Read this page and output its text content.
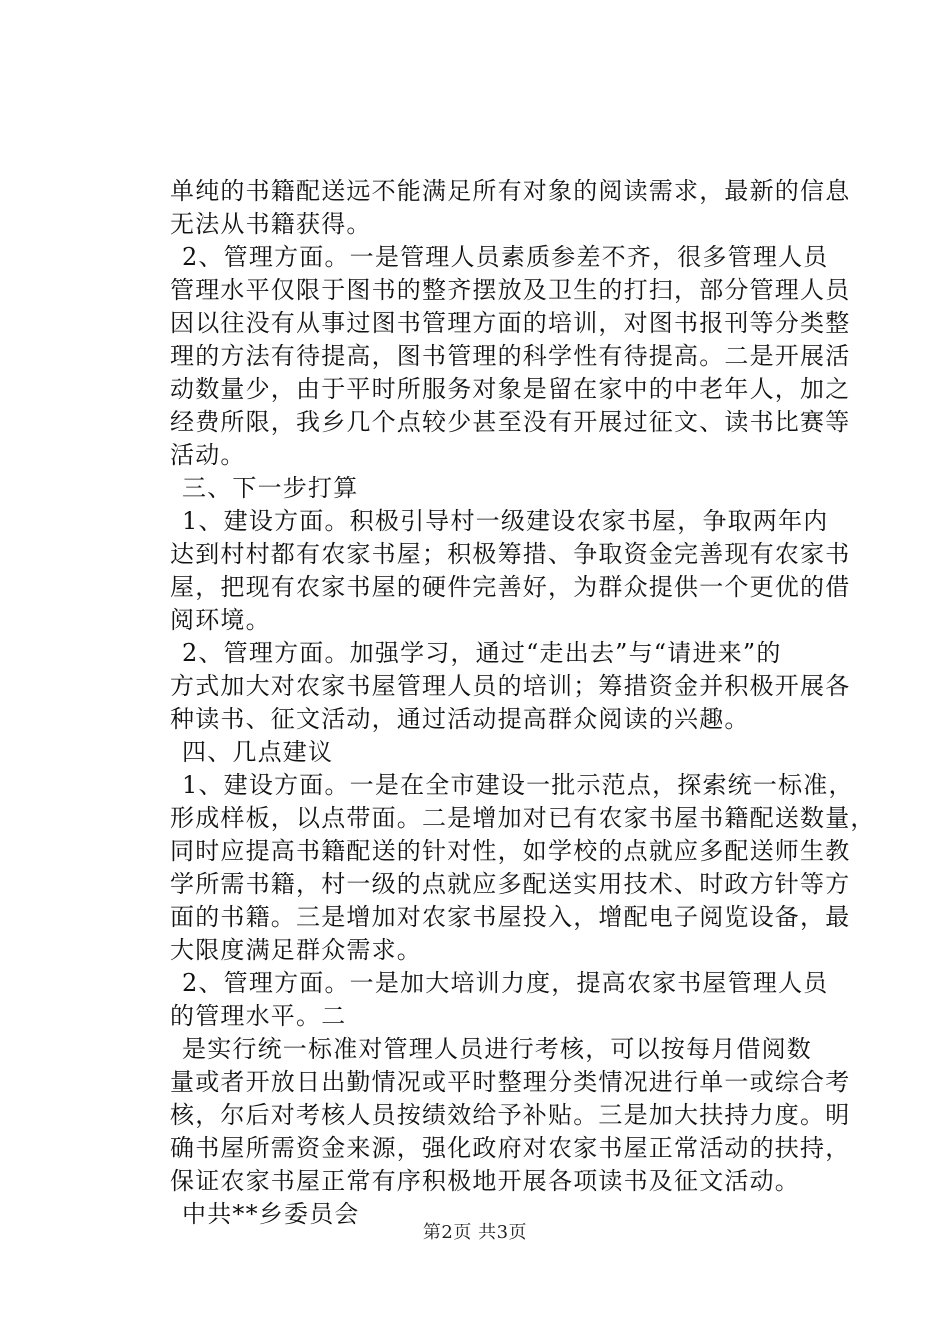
单纯的书籍配送远不能满足所有对象的阅读需求，最新的信息
无法从书籍获得。

2、管理方面。一是管理人员素质参差不齐，很多管理人员
管理水平仅限于图书的整齐摆放及卫生的打扫，部分管理人员
因以往没有从事过图书管理方面的培训，对图书报刊等分类整
理的方法有待提高，图书管理的科学性有待提高。二是开展活
动数量少，由于平时所服务对象是留在家中的中老年人，加之
经费所限，我乡几个点较少甚至没有开展过征文、读书比赛等
活动。

三、下一步打算

1、建设方面。积极引导村一级建设农家书屋，争取两年内
达到村村都有农家书屋；积极筹措、争取资金完善现有农家书
屋，把现有农家书屋的硬件完善好，为群众提供一个更优的借
阅环境。

2、管理方面。加强学习，通过“走出去”与“请进来”的
方式加大对农家书屋管理人员的培训；筹措资金并积极开展各
种读书、征文活动，通过活动提高群众阅读的兴趣。

四、几点建议

1、建设方面。一是在全市建设一批示范点，探索统一标准，
形成样板，以点带面。二是增加对已有农家书屋书籍配送数量，
同时应提高书籍配送的针对性，如学校的点就应多配送师生教
学所需书籍，村一级的点就应多配送实用技术、时政方针等方
面的书籍。三是增加对农家书屋投入，增配电子阅览设备，最
大限度满足群众需求。

2、管理方面。一是加大培训力度，提高农家书屋管理人员
的管理水平。二
是实行统一标准对管理人员进行考核，可以按每月借阅数
量或者开放日出勤情况或平时整理分类情况进行单一或综合考
核，尔后对考核人员按绩效给予补贴。三是加大扶持力度。明
确书屋所需资金来源，强化政府对农家书屋正常活动的扶持，
保证农家书屋正常有序积极地开展各项读书及征文活动。

中共**乡委员会

第2页 共3页
